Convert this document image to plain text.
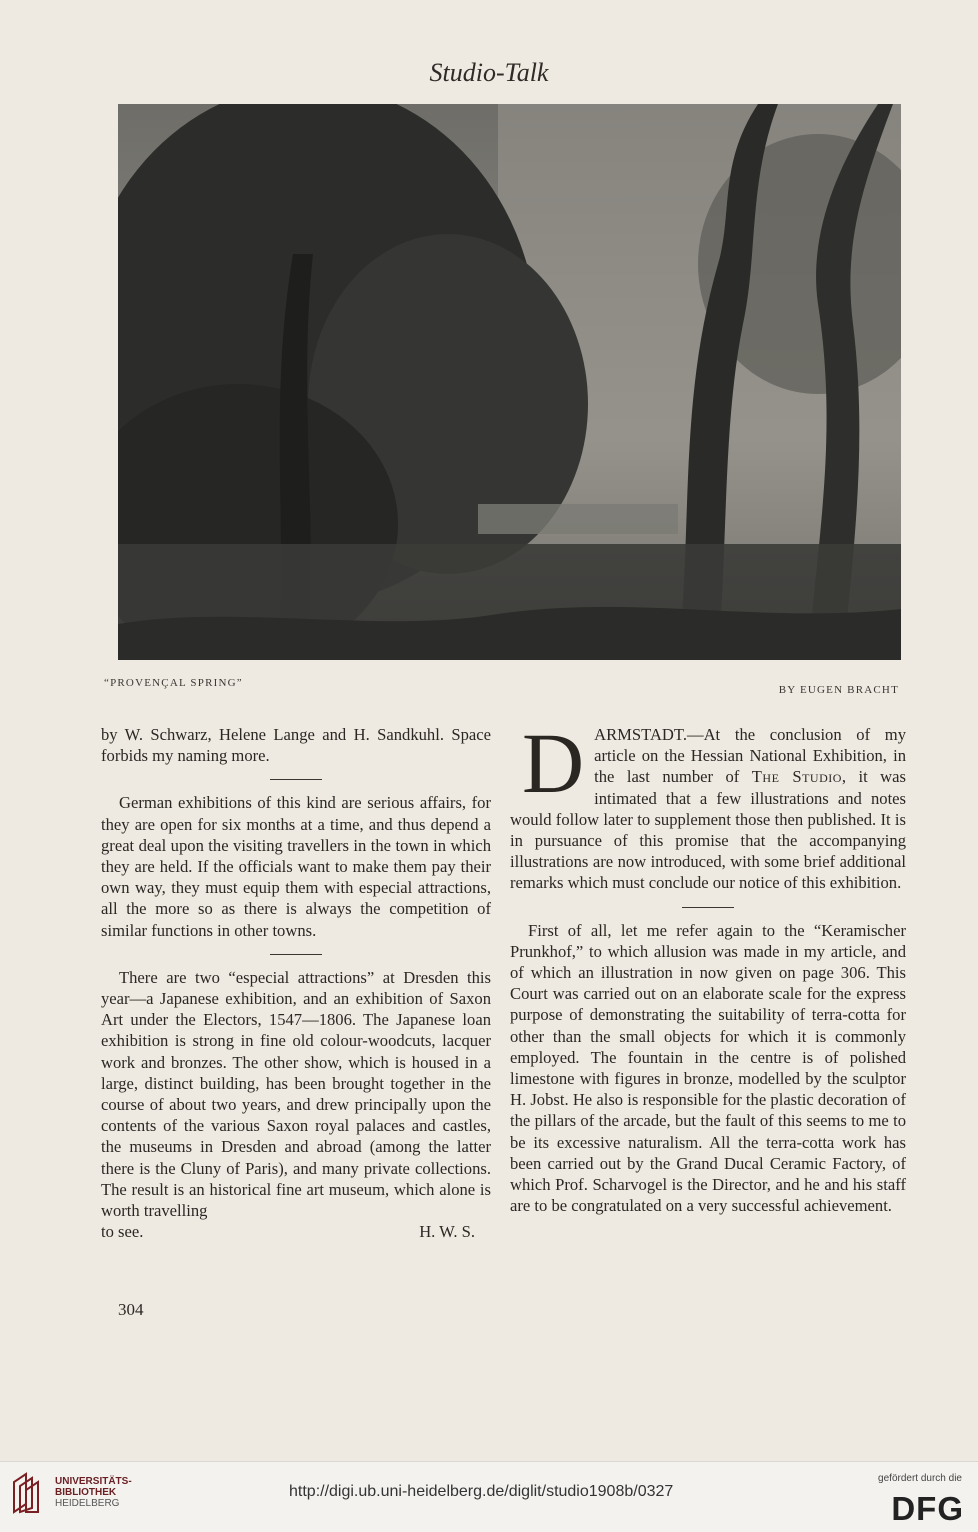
Studio-Talk
“PROVENÇAL SPRING”
BY EUGEN BRACHT

by W. Schwarz, Helene Lange and H. Sandkuhl. Space forbids my naming more.

German exhibitions of this kind are serious affairs, for they are open for six months at a time, and thus depend a great deal upon the visiting travellers in the town in which they are held. If the officials want to make them pay their own way, they must equip them with especial attractions, all the more so as there is always the competition of similar functions in other towns.

There are two “especial attractions” at Dresden this year—a Japanese exhibition, and an exhibition of Saxon Art under the Electors, 1547—1806. The Japanese loan exhibition is strong in fine old colour-woodcuts, lacquer work and bronzes. The other show, which is housed in a large, distinct building, has been brought together in the course of about two years, and drew principally upon the contents of the various Saxon royal palaces and castles, the museums in Dresden and abroad (among the latter there is the Cluny of Paris), and many private collections. The result is an historical fine art museum, which alone is worth travelling

to see.	H. W. S.

DARMSTADT.—At the conclusion of my article on the Hessian National Exhibition, in the last number of The Studio, it was intimated that a few illustrations and notes would follow later to supplement those then published. It is in pursuance of this promise that the accompanying illustrations are now introduced, with some brief additional remarks which must conclude our notice of this exhibition.

First of all, let me refer again to the “Keramischer Prunkhof,” to which allusion was made in my article, and of which an illustration in now given on page 306. This Court was carried out on an elaborate scale for the express purpose of demonstrating the suitability of terra-cotta for other than the small objects for which it is commonly employed. The fountain in the centre is of polished limestone with figures in bronze, modelled by the sculptor H. Jobst. He also is responsible for the plastic decoration of the pillars of the arcade, but the fault of this seems to me to be its excessive naturalism. All the terra-cotta work has been carried out by the Grand Ducal Ceramic Factory, of which Prof. Scharvogel is the Director, and he and his staff are to be congratulated on a very successful achievement.

304
UNIVERSITÄTS-
BIBLIOTHEK
HEIDELBERG
http://digi.ub.uni-heidelberg.de/diglit/studio1908b/0327
gefördert durch die
DFG
